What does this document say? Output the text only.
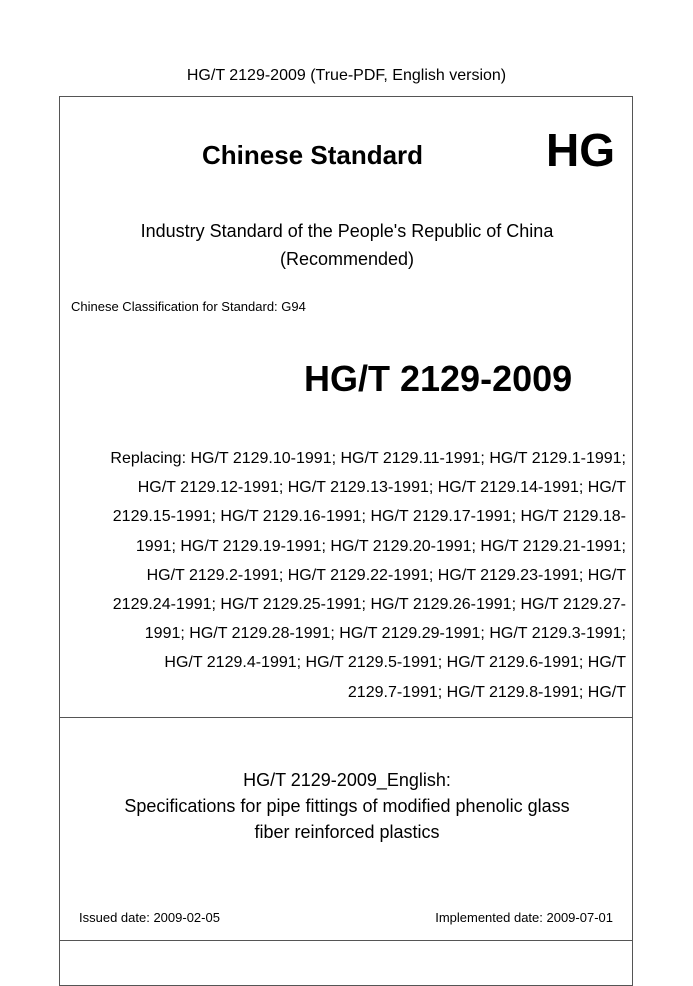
HG/T 2129-2009 (True-PDF, English version)
Chinese Standard	HG
Industry Standard of the People's Republic of China
(Recommended)
Chinese Classification for Standard: G94
HG/T 2129-2009
Replacing: HG/T 2129.10-1991; HG/T 2129.11-1991; HG/T 2129.1-1991;
HG/T 2129.12-1991; HG/T 2129.13-1991; HG/T 2129.14-1991; HG/T
2129.15-1991; HG/T 2129.16-1991; HG/T 2129.17-1991; HG/T 2129.18-
1991; HG/T 2129.19-1991; HG/T 2129.20-1991; HG/T 2129.21-1991;
HG/T 2129.2-1991; HG/T 2129.22-1991; HG/T 2129.23-1991; HG/T
2129.24-1991; HG/T 2129.25-1991; HG/T 2129.26-1991; HG/T 2129.27-
1991; HG/T 2129.28-1991; HG/T 2129.29-1991; HG/T 2129.3-1991;
HG/T 2129.4-1991; HG/T 2129.5-1991; HG/T 2129.6-1991; HG/T
2129.7-1991; HG/T 2129.8-1991; HG/T
HG/T 2129-2009_English:
Specifications for pipe fittings of modified phenolic glass
fiber reinforced plastics
Issued date: 2009-02-05	Implemented date: 2009-07-01
